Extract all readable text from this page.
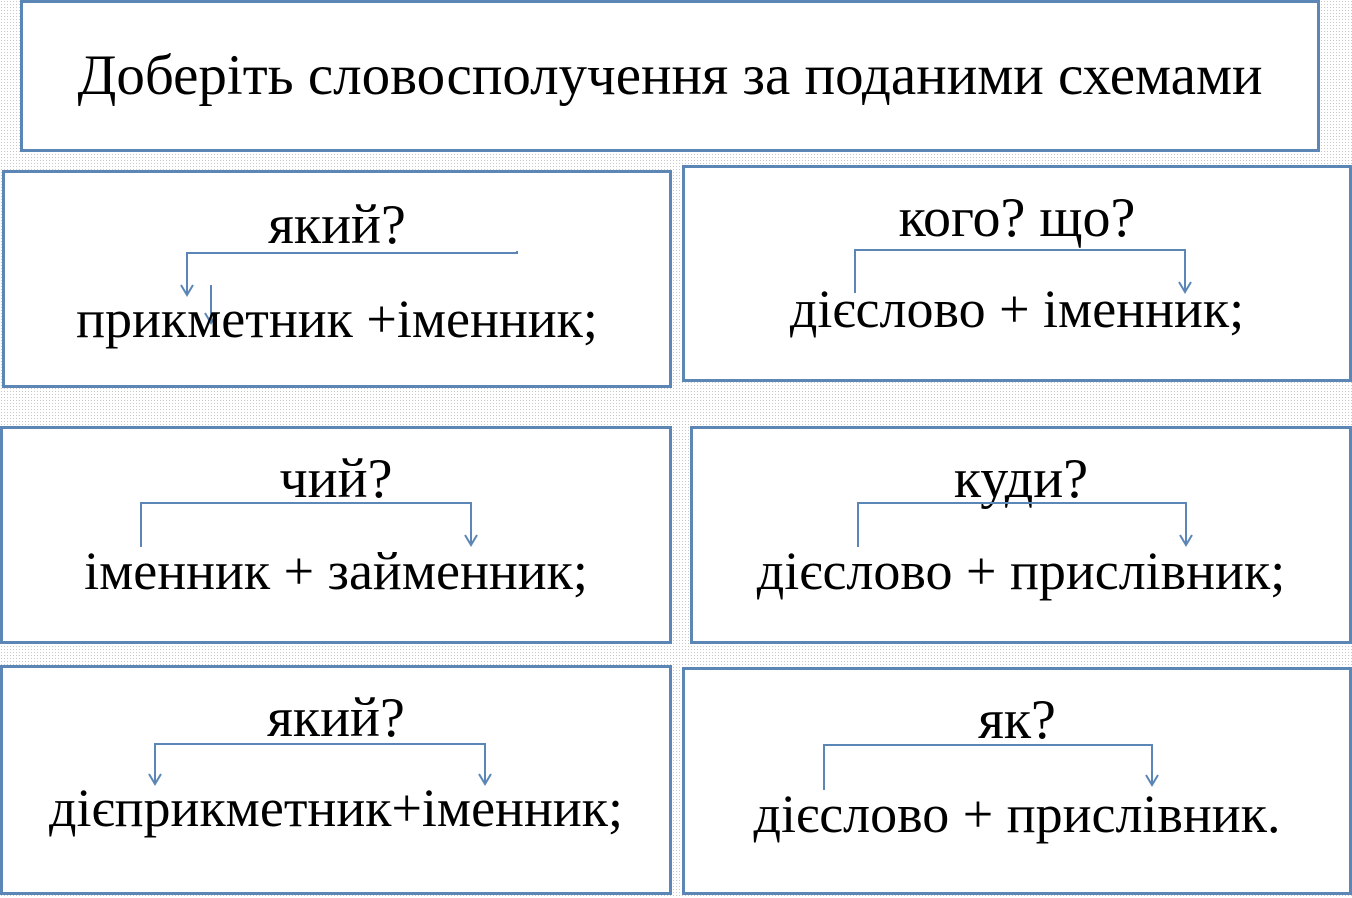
Доберіть словосполучення за поданими схемами
який?
прикметник +іменник;
кого? що?
дієслово + іменник;
чий?
іменник + займенник;
куди?
дієслово + прислівник;
який?
дієприкметник+іменник;
як?
дієслово + прислівник.
